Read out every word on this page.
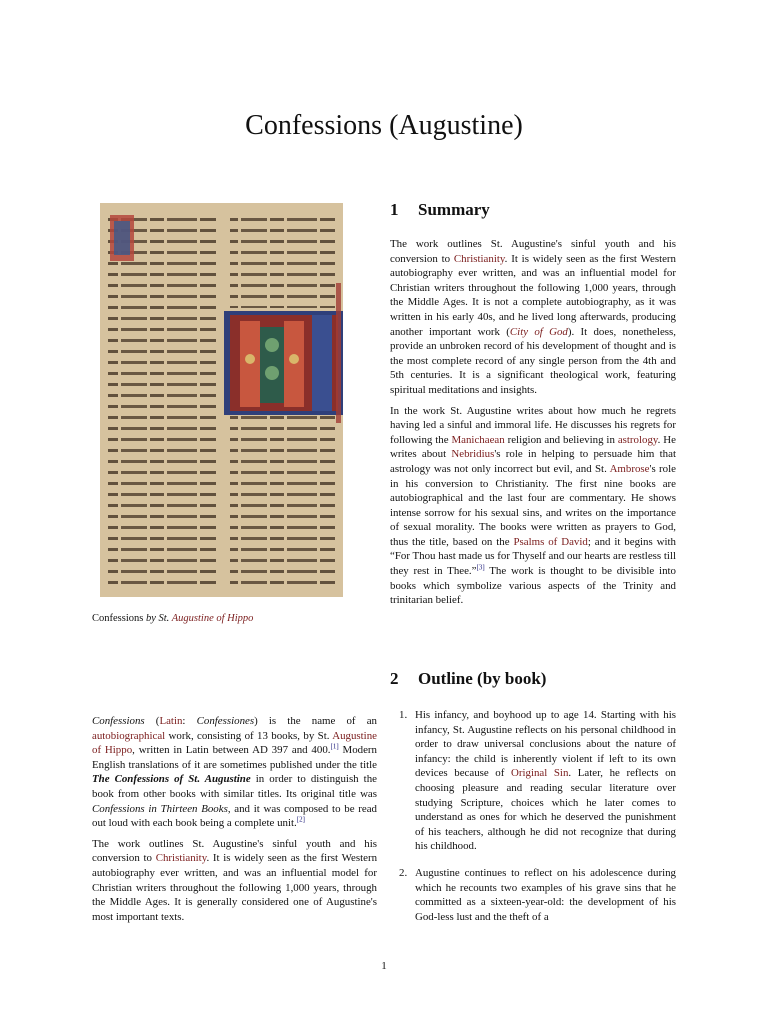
Confessions (Augustine)
Confessions by St. Augustine of Hippo

Confessions (Latin: Confessiones) is the name of an autobiographical work, consisting of 13 books, by St. Augustine of Hippo, written in Latin between AD 397 and 400.[1] Modern English translations of it are sometimes published under the title The Confessions of St. Augustine in order to distinguish the book from other books with similar titles. Its original title was Confessions in Thirteen Books, and it was composed to be read out loud with each book being a complete unit.[2]

The work outlines St. Augustine's sinful youth and his conversion to Christianity. It is widely seen as the first Western autobiography ever written, and was an influential model for Christian writers throughout the following 1,000 years, through the Middle Ages. It is generally considered one of Augustine's most important texts.

1 Summary

The work outlines St. Augustine's sinful youth and his conversion to Christianity. It is widely seen as the first Western autobiography ever written, and was an influential model for Christian writers throughout the following 1,000 years, through the Middle Ages. It is not a complete autobiography, as it was written in his early 40s, and he lived long afterwards, producing another important work (City of God). It does, nonetheless, provide an unbroken record of his development of thought and is the most complete record of any single person from the 4th and 5th centuries. It is a significant theological work, featuring spiritual meditations and insights.

In the work St. Augustine writes about how much he regrets having led a sinful and immoral life. He discusses his regrets for following the Manichaean religion and believing in astrology. He writes about Nebridius's role in helping to persuade him that astrology was not only incorrect but evil, and St. Ambrose's role in his conversion to Christianity. The first nine books are autobiographical and the last four are commentary. He shows intense sorrow for his sexual sins, and writes on the importance of sexual morality. The books were written as prayers to God, thus the title, based on the Psalms of David; and it begins with “For Thou hast made us for Thyself and our hearts are restless till they rest in Thee.”[3] The work is thought to be divisible into books which symbolize various aspects of the Trinity and trinitarian belief.

2 Outline (by book)
1. His infancy, and boyhood up to age 14. Starting with his infancy, St. Augustine reflects on his personal childhood in order to draw universal conclusions about the nature of infancy: the child is inherently violent if left to its own devices because of Original Sin. Later, he reflects on choosing pleasure and reading secular literature over studying Scripture, choices which he later comes to understand as ones for which he deserved the punishment of his teachers, although he did not recognize that during his childhood.
2. Augustine continues to reflect on his adolescence during which he recounts two examples of his grave sins that he committed as a sixteen-year-old: the development of his God-less lust and the theft of a
1
